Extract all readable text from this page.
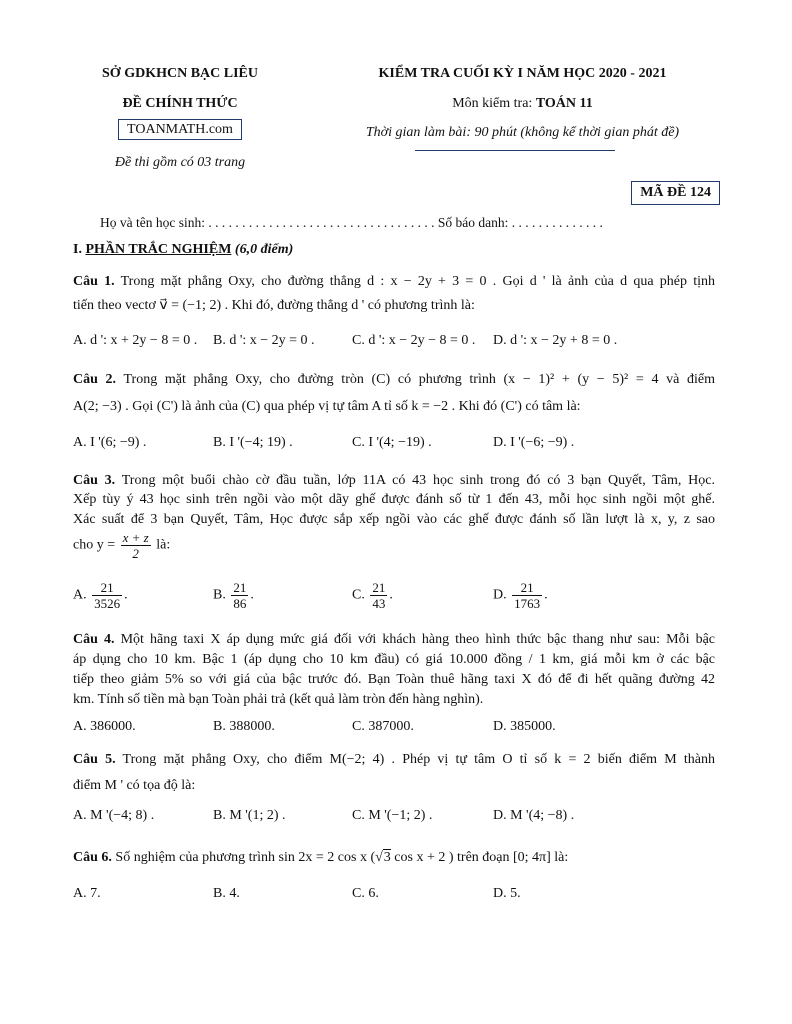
SỞ GDKHCN BẠC LIÊU
ĐỀ CHÍNH THỨC
TOANMATH.com
Đề thi gồm có 03 trang
KIỂM TRA CUỐI KỲ I NĂM HỌC 2020 - 2021
Môn kiểm tra: TOÁN 11
Thời gian làm bài: 90 phút (không kể thời gian phát đề)
MÃ ĐỀ 124
Họ và tên học sinh: . . . . . . . . . . . . . . . . . . . . . . . . . . . . . . . . . . Số báo danh: . . . . . . . . . . . . . .
I. PHẦN TRẮC NGHIỆM (6,0 điểm)
Câu 1. Trong mặt phẳng Oxy, cho đường thẳng d : x − 2y + 3 = 0 . Gọi d ' là ảnh của d qua phép tịnh
tiến theo vectơ v⃗ = (−1; 2) . Khi đó, đường thẳng d ' có phương trình là:
A. d ': x + 2y − 8 = 0 . B. d ': x − 2y = 0 .	C. d ': x − 2y − 8 = 0 . D. d ': x − 2y + 8 = 0 .
Câu 2. Trong mặt phẳng Oxy, cho đường tròn (C) có phương trình (x − 1)² + (y − 5)² = 4 và điểm
A(2; −3) . Gọi (C') là ảnh của (C) qua phép vị tự tâm A tỉ số k = −2 . Khi đó (C') có tâm là:
A. I '(6; −9) .	B. I '(−4; 19) .	C. I '(4; −19) .	D. I '(−6; −9) .
Câu 3. Trong một buổi chào cờ đầu tuần, lớp 11A có 43 học sinh trong đó có 3 bạn Quyết, Tâm, Học.
Xếp tùy ý 43 học sinh trên ngồi vào một dãy ghế được đánh số từ 1 đến 43, mỗi học sinh ngồi một ghế.
Xác suất để 3 bạn Quyết, Tâm, Học được sắp xếp ngồi vào các ghế được đánh số lần lượt là x, y, z sao
cho $y = \frac{x + z}{2}$ là:
A. $\frac{21}{3526}$ .	B. $\frac{21}{86}$ .	C. $\frac{21}{43}$ .	D. $\frac{21}{1763}$ .
Câu 4. Một hãng taxi X áp dụng mức giá đối với khách hàng theo hình thức bậc thang như sau: Mỗi bậc
áp dụng cho 10 km. Bậc 1 (áp dụng cho 10 km đầu) có giá 10.000 đồng / 1 km, giá mỗi km ở các bậc
tiếp theo giảm 5% so với giá của bậc trước đó. Bạn Toàn thuê hãng taxi X đó để đi hết quãng đường 42
km. Tính số tiền mà bạn Toàn phải trả (kết quả làm tròn đến hàng nghìn).
A. 386000.	B. 388000.	C. 387000.	D. 385000.
Câu 5. Trong mặt phẳng Oxy, cho điểm M(−2; 4) . Phép vị tự tâm O tỉ số k = 2 biến điểm M thành
điểm M ' có tọa độ là:
A. M '(−4; 8) .	B. M '(1; 2) .	C. M '(−1; 2) .	D. M '(4; −8) .
Câu 6. Số nghiệm của phương trình sin 2x = 2 cos x (√3 cos x + 2 ) trên đoạn [0; 4π] là:
A. 7.	B. 4.	C. 6.	D. 5.
